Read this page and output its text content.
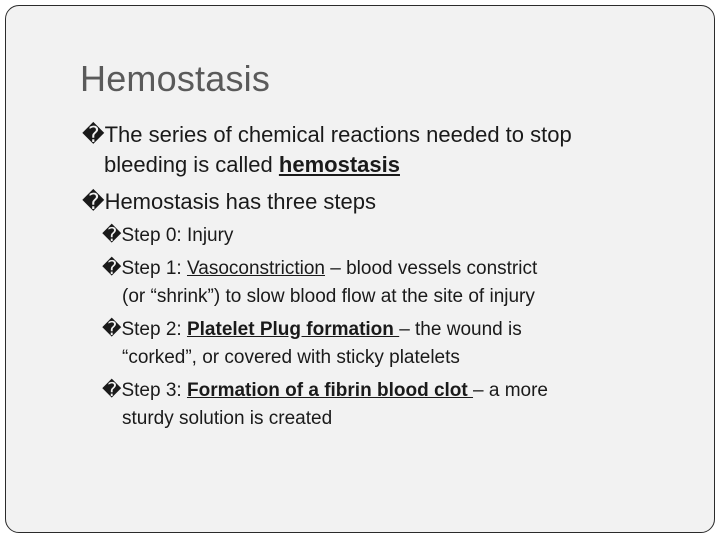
Hemostasis
�The series of chemical reactions needed to stop
bleeding is called hemostasis
�Hemostasis has three steps
�Step 0: Injury
�Step 1: Vasoconstriction – blood vessels constrict
(or “shrink”) to slow blood flow at the site of injury
�Step 2: Platelet Plug formation – the wound is
“corked”, or covered with sticky platelets
�Step 3: Formation of a fibrin blood clot – a more
sturdy solution is created
